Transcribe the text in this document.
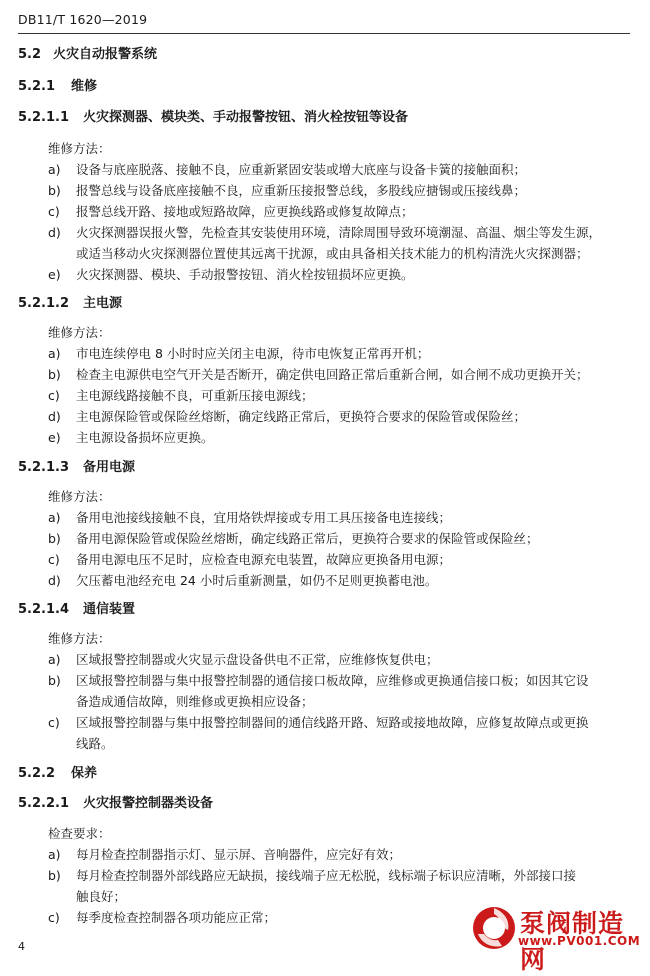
DB11/T 1620—2019
5.2 火灾自动报警系统
5.2.1 维修
5.2.1.1 火灾探测器、模块类、手动报警按钮、消火栓按钮等设备
维修方法：
a) 设备与底座脱落、接触不良，应重新紧固安装或增大底座与设备卡簧的接触面积；
b) 报警总线与设备底座接触不良，应重新压接报警总线，多股线应搪锡或压接线鼻；
c) 报警总线开路、接地或短路故障，应更换线路或修复故障点；
d) 火灾探测器误报火警，先检查其安装使用环境，清除周围导致环境潮湿、高温、烟尘等发生源，
或适当移动火灾探测器位置使其远离干扰源，或由具备相关技术能力的机构清洗火灾探测器；
e) 火灾探测器、模块、手动报警按钮、消火栓按钮损坏应更换。
5.2.1.2 主电源
维修方法：
a) 市电连续停电 8 小时时应关闭主电源，待市电恢复正常再开机；
b) 检查主电源供电空气开关是否断开，确定供电回路正常后重新合闸，如合闸不成功更换开关；
c) 主电源线路接触不良，可重新压接电源线；
d) 主电源保险管或保险丝熔断，确定线路正常后，更换符合要求的保险管或保险丝；
e) 主电源设备损坏应更换。
5.2.1.3 备用电源
维修方法：
a) 备用电池接线接触不良，宜用烙铁焊接或专用工具压接备电连接线；
b) 备用电源保险管或保险丝熔断，确定线路正常后，更换符合要求的保险管或保险丝；
c) 备用电源电压不足时，应检查电源充电装置，故障应更换备用电源；
d) 欠压蓄电池经充电 24 小时后重新测量，如仍不足则更换蓄电池。
5.2.1.4 通信装置
维修方法：
a) 区域报警控制器或火灾显示盘设备供电不正常，应维修恢复供电；
b) 区域报警控制器与集中报警控制器的通信接口板故障，应维修或更换通信接口板；如因其它设
备造成通信故障，则维修或更换相应设备；
c) 区域报警控制器与集中报警控制器间的通信线路开路、短路或接地故障，应修复故障点或更换
线路。
5.2.2 保养
5.2.2.1 火灾报警控制器类设备
检查要求：
a) 每月检查控制器指示灯、显示屏、音响器件，应完好有效；
b) 每月检查控制器外部线路应无缺损，接线端子应无松脱，线标端子标识应清晰，外部接口接
触良好；
c) 每季度检查控制器各项功能应正常；
4
泵阀制造网
www.PV001.COM
